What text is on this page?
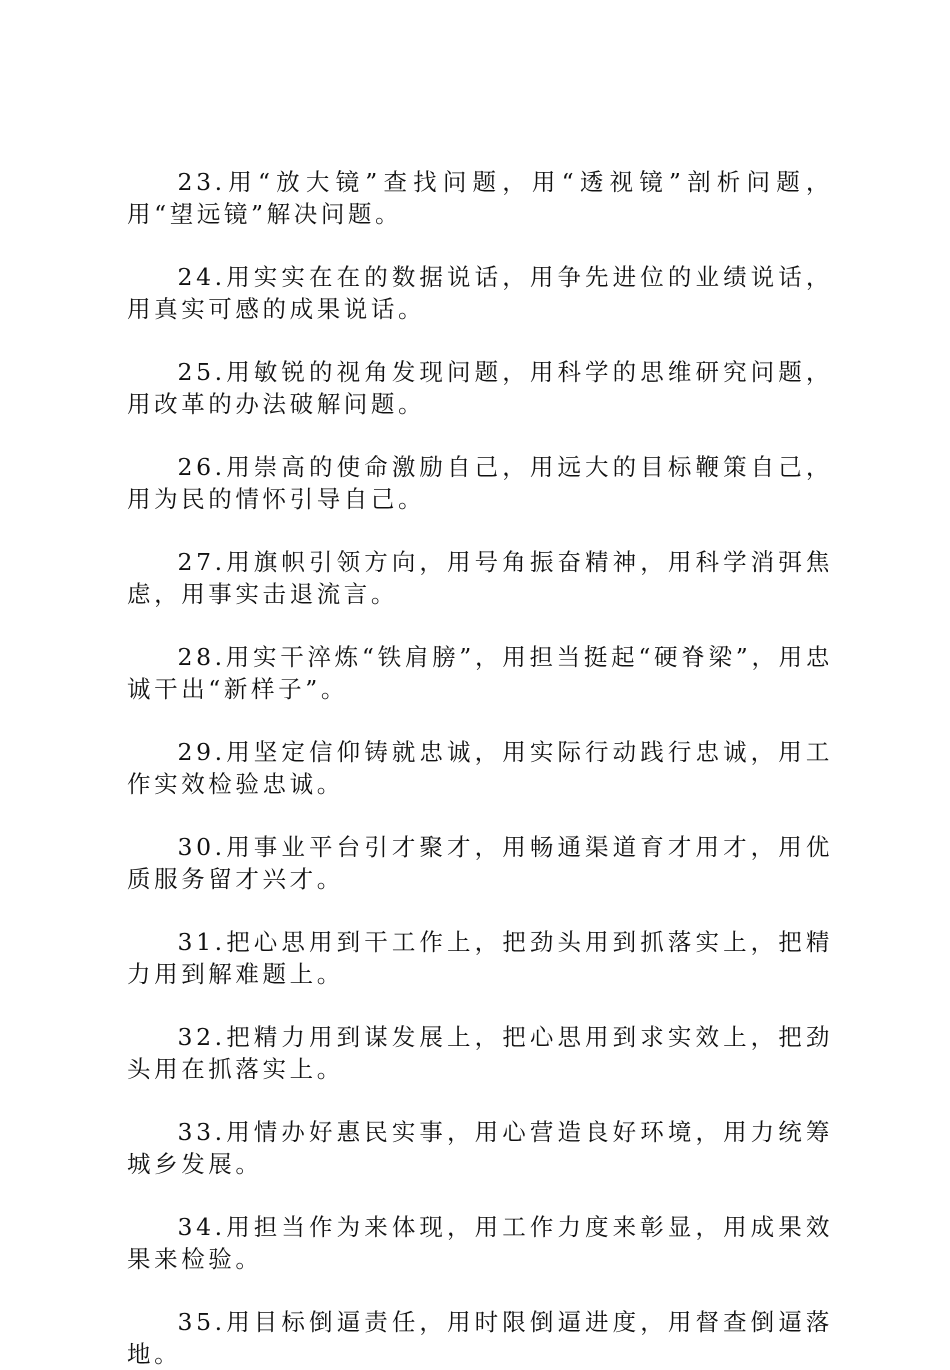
23.用“放大镜”查找问题，用“透视镜”剖析问题，用“望远镜”解决问题。

24.用实实在在的数据说话，用争先进位的业绩说话，用真实可感的成果说话。

25.用敏锐的视角发现问题，用科学的思维研究问题，用改革的办法破解问题。

26.用崇高的使命激励自己，用远大的目标鞭策自己，用为民的情怀引导自己。

27.用旗帜引领方向，用号角振奋精神，用科学消弭焦虑，用事实击退流言。

28.用实干淬炼“铁肩膀”，用担当挺起“硬脊梁”，用忠诚干出“新样子”。

29.用坚定信仰铸就忠诚，用实际行动践行忠诚，用工作实效检验忠诚。

30.用事业平台引才聚才，用畅通渠道育才用才，用优质服务留才兴才。

31.把心思用到干工作上，把劲头用到抓落实上，把精力用到解难题上。

32.把精力用到谋发展上，把心思用到求实效上，把劲头用在抓落实上。

33.用情办好惠民实事，用心营造良好环境，用力统筹城乡发展。

34.用担当作为来体现，用工作力度来彰显，用成果效果来检验。

35.用目标倒逼责任，用时限倒逼进度，用督查倒逼落地。
